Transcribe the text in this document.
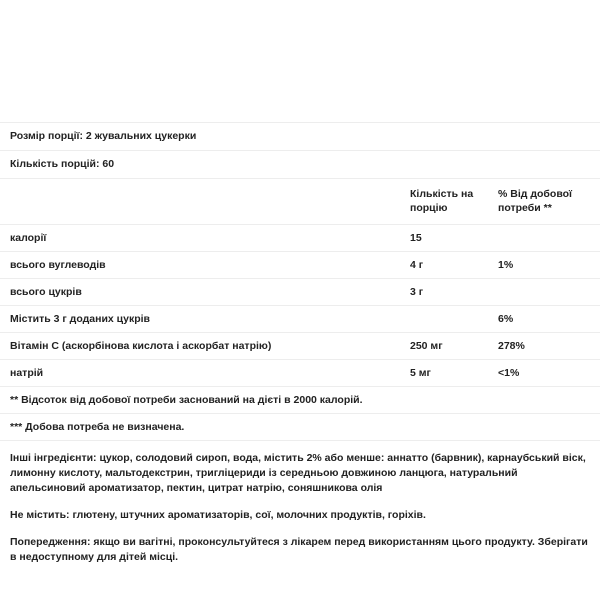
Розмір порції: 2 жувальних цукерки
Кількість порцій: 60
	Кількість на порцію	% Від добової потреби **
калорії	15	
всього вуглеводів	4 г	1%
всього цукрів	3 г	
Містить 3 г доданих цукрів		6%
Вітамін С (аскорбінова кислота і аскорбат натрію)	250 мг	278%
натрій	5 мг	<1%
** Відсоток від добової потреби заснований на дієті в 2000 калорій.
*** Добова потреба не визначена.

Інші інгредієнти: цукор, солодовий сироп, вода, містить 2% або менше: аннатто (барвник), карнаубський віск, лимонну кислоту, мальтодекстрин, тригліцериди із середньою довжиною ланцюга, натуральний апельсиновий ароматизатор, пектин, цитрат натрію, соняшникова олія

Не містить: глютену, штучних ароматизаторів, сої, молочних продуктів, горіхів.

Попередження: якщо ви вагітні, проконсультуйтеся з лікарем перед використанням цього продукту. Зберігати в недоступному для дітей місці.
